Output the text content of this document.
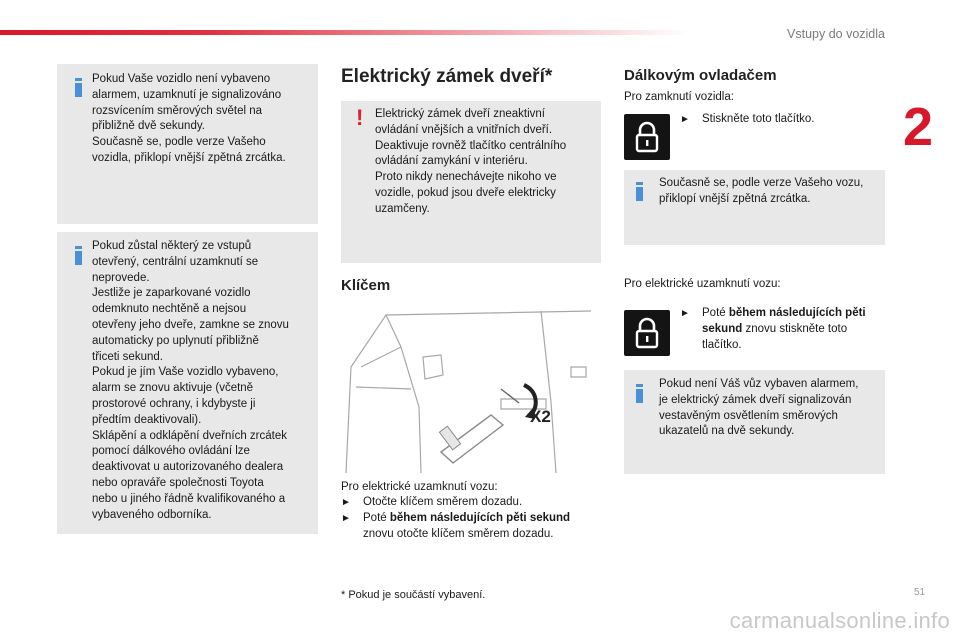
Vstupy do vozidla
2
Pokud Vaše vozidlo není vybaveno
alarmem, uzamknutí je signalizováno
rozsvícením směrových světel na
přibližně dvě sekundy.
Současně se, podle verze Vašeho
vozidla, přiklopí vnější zpětná zrcátka.
Pokud zůstal některý ze vstupů
otevřený, centrální uzamknutí se
neprovede.
Jestliže je zaparkované vozidlo
odemknuto nechtěně a nejsou
otevřeny jeho dveře, zamkne se znovu
automaticky po uplynutí přibližně
třiceti sekund.
Pokud je jím Vaše vozidlo vybaveno,
alarm se znovu aktivuje (včetně
prostorové ochrany, i kdybyste ji
předtím deaktivovali).
Sklápění a odklápění dveřních zrcátek
pomocí dálkového ovládání lze
deaktivovat u autorizovaného dealera
nebo opraváře společnosti Toyota
nebo u jiného řádně kvalifikovaného a
vybaveného odborníka.
Elektrický zámek dveří*
! Elektrický zámek dveří zneaktivní
ovládání vnějších a vnitřních dveří.
Deaktivuje rovněž tlačítko centrálního
ovládání zamykání v interiéru.
Proto nikdy nenechávejte nikoho ve
vozidle, pokud jsou dveře elektricky
uzamčeny.
Klíčem
X2
Pro elektrické uzamknutí vozu:
►	Otočte klíčem směrem dozadu.
►	Poté během následujících pěti sekund
znovu otočte klíčem směrem dozadu.
* Pokud je součástí vybavení.
Dálkovým ovladačem
Pro zamknutí vozidla:
►	Stiskněte toto tlačítko.
Současně se, podle verze Vašeho vozu,
přiklopí vnější zpětná zrcátka.
Pro elektrické uzamknutí vozu:
►	Poté během následujících pěti sekund znovu stiskněte toto tlačítko.
Pokud není Váš vůz vybaven alarmem,
je elektrický zámek dveří signalizován
vestavěným osvětlením směrových
ukazatelů na dvě sekundy.
51
carmanualsonline.info
